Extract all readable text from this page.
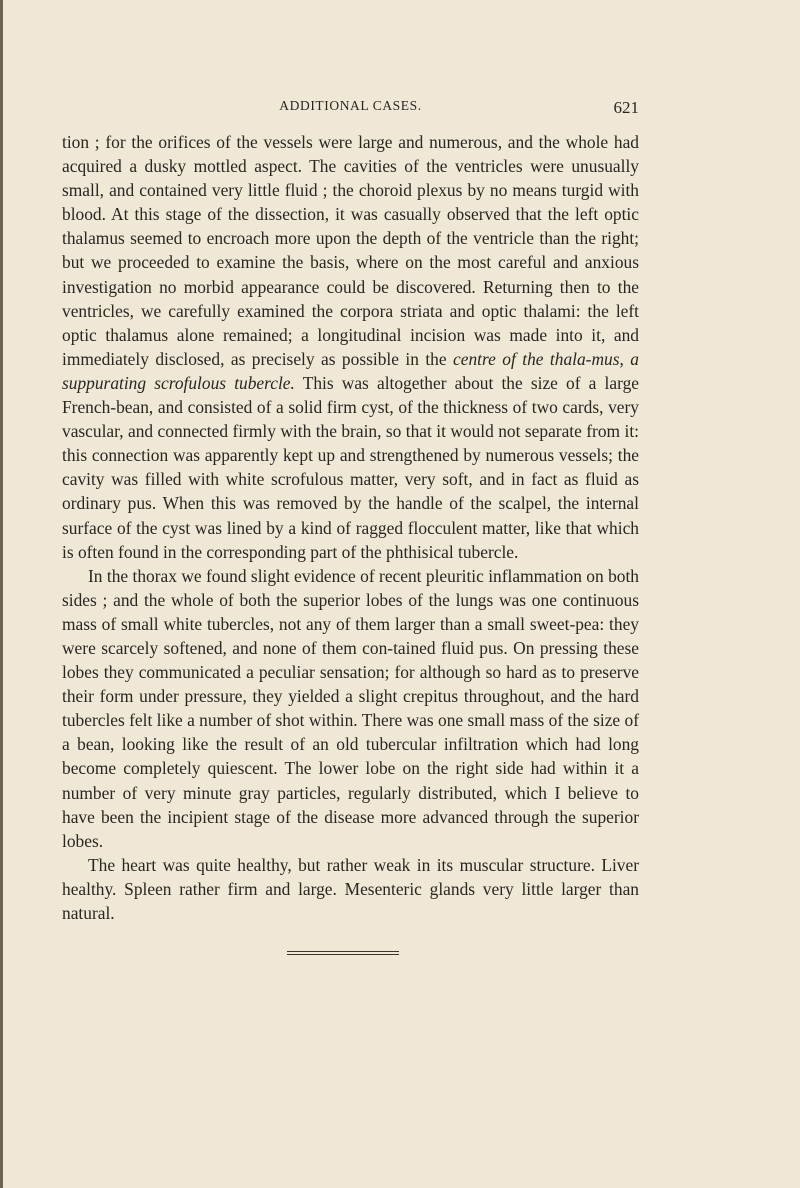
ADDITIONAL CASES.	621

tion ; for the orifices of the vessels were large and numerous, and the whole had acquired a dusky mottled aspect. The cavities of the ventricles were unusually small, and contained very little fluid ; the choroid plexus by no means turgid with blood. At this stage of the dissection, it was casually observed that the left optic thalamus seemed to encroach more upon the depth of the ventricle than the right; but we proceeded to examine the basis, where on the most careful and anxious investigation no morbid appearance could be discovered. Returning then to the ventricles, we carefully examined the corpora striata and optic thalami: the left optic thalamus alone remained; a longitudinal incision was made into it, and immediately disclosed, as precisely as possible in the centre of the thala-mus, a suppurating scrofulous tubercle. This was altogether about the size of a large French-bean, and consisted of a solid firm cyst, of the thickness of two cards, very vascular, and connected firmly with the brain, so that it would not separate from it: this connection was apparently kept up and strengthened by numerous vessels; the cavity was filled with white scrofulous matter, very soft, and in fact as fluid as ordinary pus. When this was removed by the handle of the scalpel, the internal surface of the cyst was lined by a kind of ragged flocculent matter, like that which is often found in the corresponding part of the phthisical tubercle.

In the thorax we found slight evidence of recent pleuritic inflammation on both sides ; and the whole of both the superior lobes of the lungs was one continuous mass of small white tubercles, not any of them larger than a small sweet-pea: they were scarcely softened, and none of them con-tained fluid pus. On pressing these lobes they communicated a peculiar sensation; for although so hard as to preserve their form under pressure, they yielded a slight crepitus throughout, and the hard tubercles felt like a number of shot within. There was one small mass of the size of a bean, looking like the result of an old tubercular infiltration which had long become completely quiescent. The lower lobe on the right side had within it a number of very minute gray particles, regularly distributed, which I believe to have been the incipient stage of the disease more advanced through the superior lobes.

The heart was quite healthy, but rather weak in its muscular structure. Liver healthy. Spleen rather firm and large. Mesenteric glands very little larger than natural.
